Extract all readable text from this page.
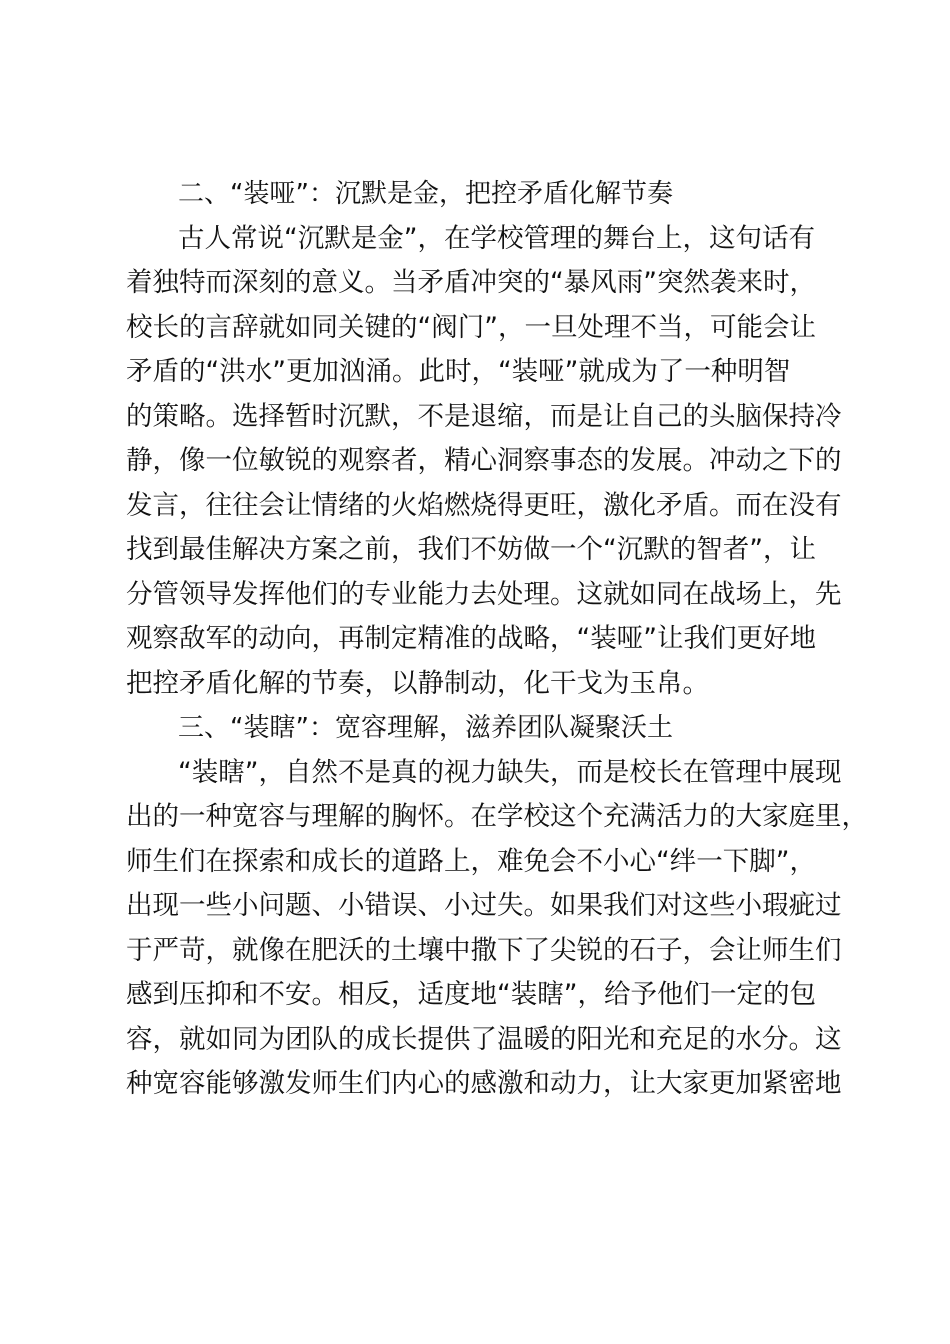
二、“装哑”：沉默是金，把控矛盾化解节奏

古人常说“沉默是金”，在学校管理的舞台上，这句话有
着独特而深刻的意义。当矛盾冲突的“暴风雨”突然袭来时，
校长的言辞就如同关键的“阀门”，一旦处理不当，可能会让
矛盾的“洪水”更加汹涌。此时，“装哑”就成为了一种明智
的策略。选择暂时沉默，不是退缩，而是让自己的头脑保持冷
静，像一位敏锐的观察者，精心洞察事态的发展。冲动之下的
发言，往往会让情绪的火焰燃烧得更旺，激化矛盾。而在没有
找到最佳解决方案之前，我们不妨做一个“沉默的智者”，让
分管领导发挥他们的专业能力去处理。这就如同在战场上，先
观察敌军的动向，再制定精准的战略，“装哑”让我们更好地
把控矛盾化解的节奏，以静制动，化干戈为玉帛。

三、“装瞎”：宽容理解，滋养团队凝聚沃土

“装瞎”，自然不是真的视力缺失，而是校长在管理中展现
出的一种宽容与理解的胸怀。在学校这个充满活力的大家庭里，
师生们在探索和成长的道路上，难免会不小心“绊一下脚”，
出现一些小问题、小错误、小过失。如果我们对这些小瑕疵过
于严苛，就像在肥沃的土壤中撒下了尖锐的石子，会让师生们
感到压抑和不安。相反，适度地“装瞎”，给予他们一定的包
容，就如同为团队的成长提供了温暖的阳光和充足的水分。这
种宽容能够激发师生们内心的感激和动力，让大家更加紧密地
